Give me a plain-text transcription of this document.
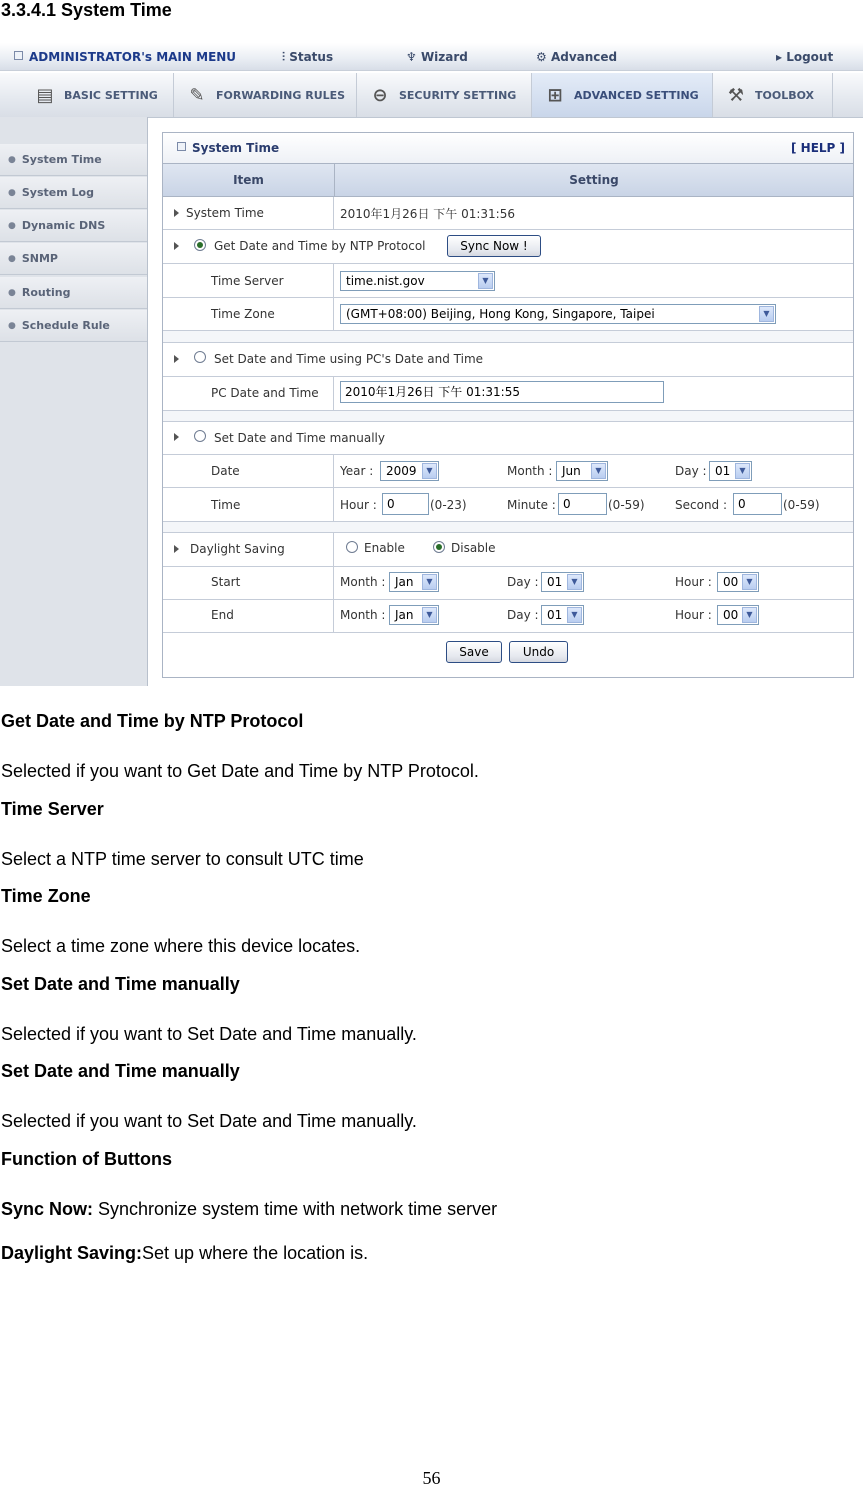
3.3.4.1 System Time
ADMINISTRATOR's MAIN MENU	⫶ Status	♆ Wizard	⚙ Advanced	▸ Logout
▤ BASIC SETTING	✎	FORWARDING RULES	⊖	SECURITY SETTING	⊞	ADVANCED SETTING ⚒ TOOLBOX
● System Time
● System Log
● Dynamic DNS
● SNMP
● Routing
● Schedule Rule
System Time	[ HELP ]
Item	Setting
System Time	2010年1月26日 下午 01:31:56
Get Date and Time by NTP Protocol	Sync Now !
Time Server	time.nist.gov	▼
Time Zone	(GMT+08:00) Beijing, Hong Kong, Singapore, Taipei	▼
Set Date and Time using PC's Date and Time
PC Date and Time	2010年1月26日 下午 01:31:55
Set Date and Time manually
Date	Year : 2009	▼	Month : Jun	▼	Day : 01	▼
Time	Hour : 0	(0-23)	Minute : 0	(0-59)	Second : 0	(0-59)
Daylight Saving	Enable	Disable
Start	Month : Jan	▼	Day : 01	▼	Hour : 00	▼
End	Month : Jan	▼	Day : 01	▼	Hour : 00	▼
Save	Undo
Get Date and Time by NTP Protocol
Selected if you want to Get Date and Time by NTP Protocol.
Time Server
Select a NTP time server to consult UTC time
Time Zone
Select a time zone where this device locates.
Set Date and Time manually
Selected if you want to Set Date and Time manually.
Set Date and Time manually
Selected if you want to Set Date and Time manually.
Function of Buttons
Sync Now: Synchronize system time with network time server
Daylight Saving:Set up where the location is.
56
